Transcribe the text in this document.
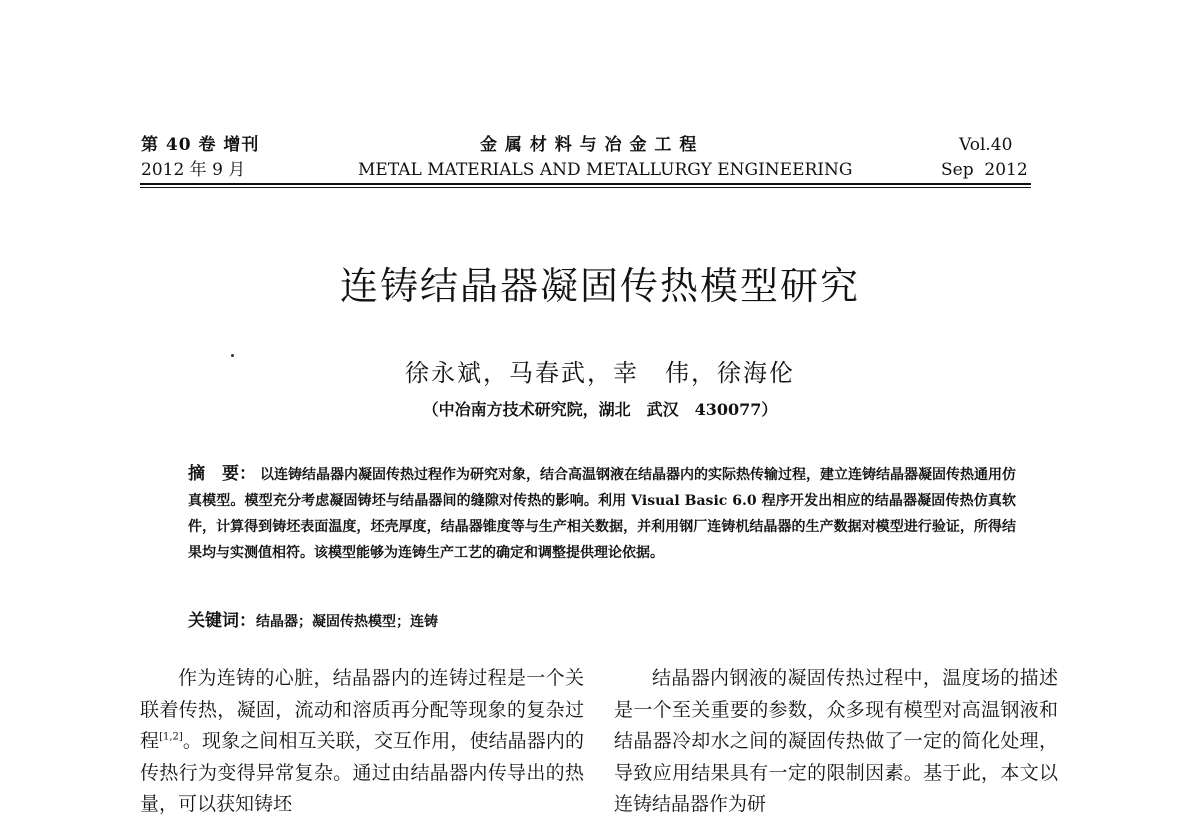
第 40 卷 增刊
2012 年 9 月
金 属 材 料 与 冶 金 工 程
METAL MATERIALS AND METALLURGY ENGINEERING
Vol.40
Sep  2012
连铸结晶器凝固传热模型研究
徐永斌，马春武，幸　伟，徐海伦
（中冶南方技术研究院，湖北　武汉　430077）
摘　要： 以连铸结晶器内凝固传热过程作为研究对象，结合高温钢液在结晶器内的实际热传输过程，建立连铸结晶器凝固传热通用仿真模型。模型充分考虑凝固铸坯与结晶器间的缝隙对传热的影响。利用 Visual Basic 6.0 程序开发出相应的结晶器凝固传热仿真软件，计算得到铸坯表面温度，坯壳厚度，结晶器锥度等与生产相关数据，并利用钢厂连铸机结晶器的生产数据对模型进行验证，所得结果均与实测值相符。该模型能够为连铸生产工艺的确定和调整提供理论依据。
关键词：结晶器；凝固传热模型；连铸

作为连铸的心脏，结晶器内的连铸过程是一个关联着传热，凝固，流动和溶质再分配等现象的复杂过程[1,2]。现象之间相互关联，交互作用，使结晶器内的传热行为变得异常复杂。通过由结晶器内传导出的热量，可以获知铸坯

结晶器内钢液的凝固传热过程中，温度场的描述是一个至关重要的参数，众多现有模型对高温钢液和结晶器冷却水之间的凝固传热做了一定的简化处理，导致应用结果具有一定的限制因素。基于此，本文以连铸结晶器作为研
